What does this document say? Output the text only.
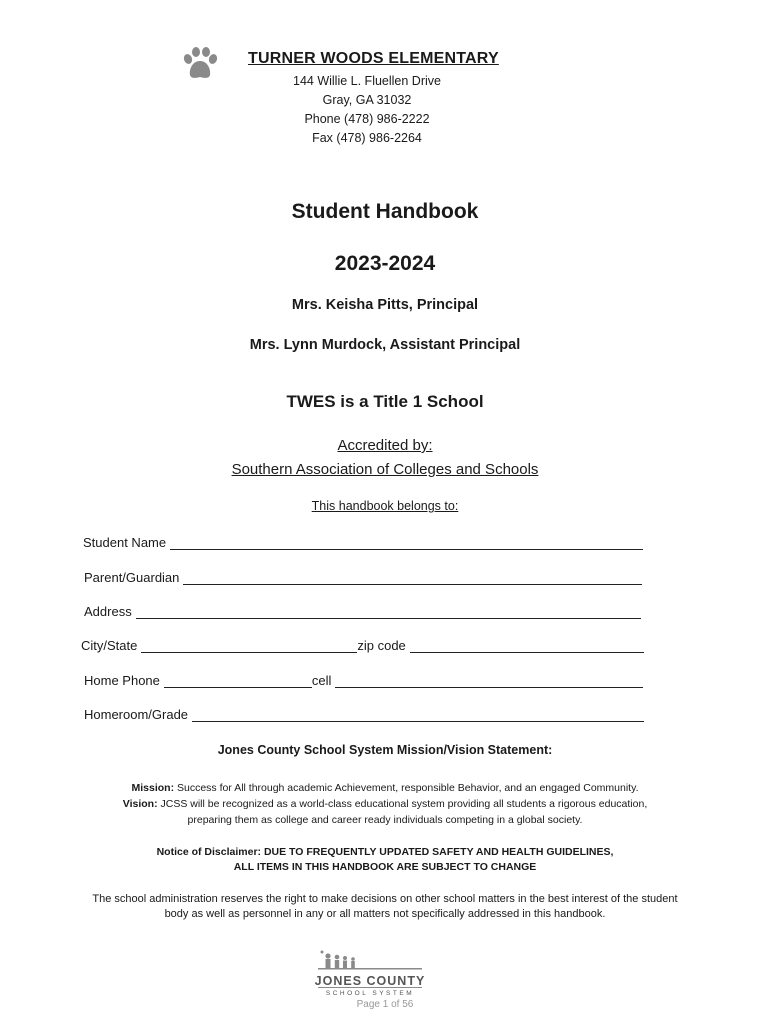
TURNER WOODS ELEMENTARY
144 Willie L. Fluellen Drive
Gray, GA 31032
Phone (478) 986-2222
Fax (478) 986-2264
Student Handbook
2023-2024
Mrs. Keisha Pitts, Principal
Mrs. Lynn Murdock, Assistant Principal
TWES is a Title 1 School
Accredited by:
Southern Association of Colleges and Schools
This handbook belongs to:
Student Name
Parent/Guardian
Address
City/State	zip code
Home Phone	cell
Homeroom/Grade
Jones County School System Mission/Vision Statement:
Mission: Success for All through academic Achievement, responsible Behavior, and an engaged Community.
Vision: JCSS will be recognized as a world-class educational system providing all students a rigorous education,
preparing them as college and career ready individuals competing in a global society.
Notice of Disclaimer: DUE TO FREQUENTLY UPDATED SAFETY AND HEALTH GUIDELINES,
ALL ITEMS IN THIS HANDBOOK ARE SUBJECT TO CHANGE
The school administration reserves the right to make decisions on other school matters in the best interest of the student
body as well as personnel in any or all matters not specifically addressed in this handbook.
JONES COUNTY
SCHOOL SYSTEM
Page 1 of 56
